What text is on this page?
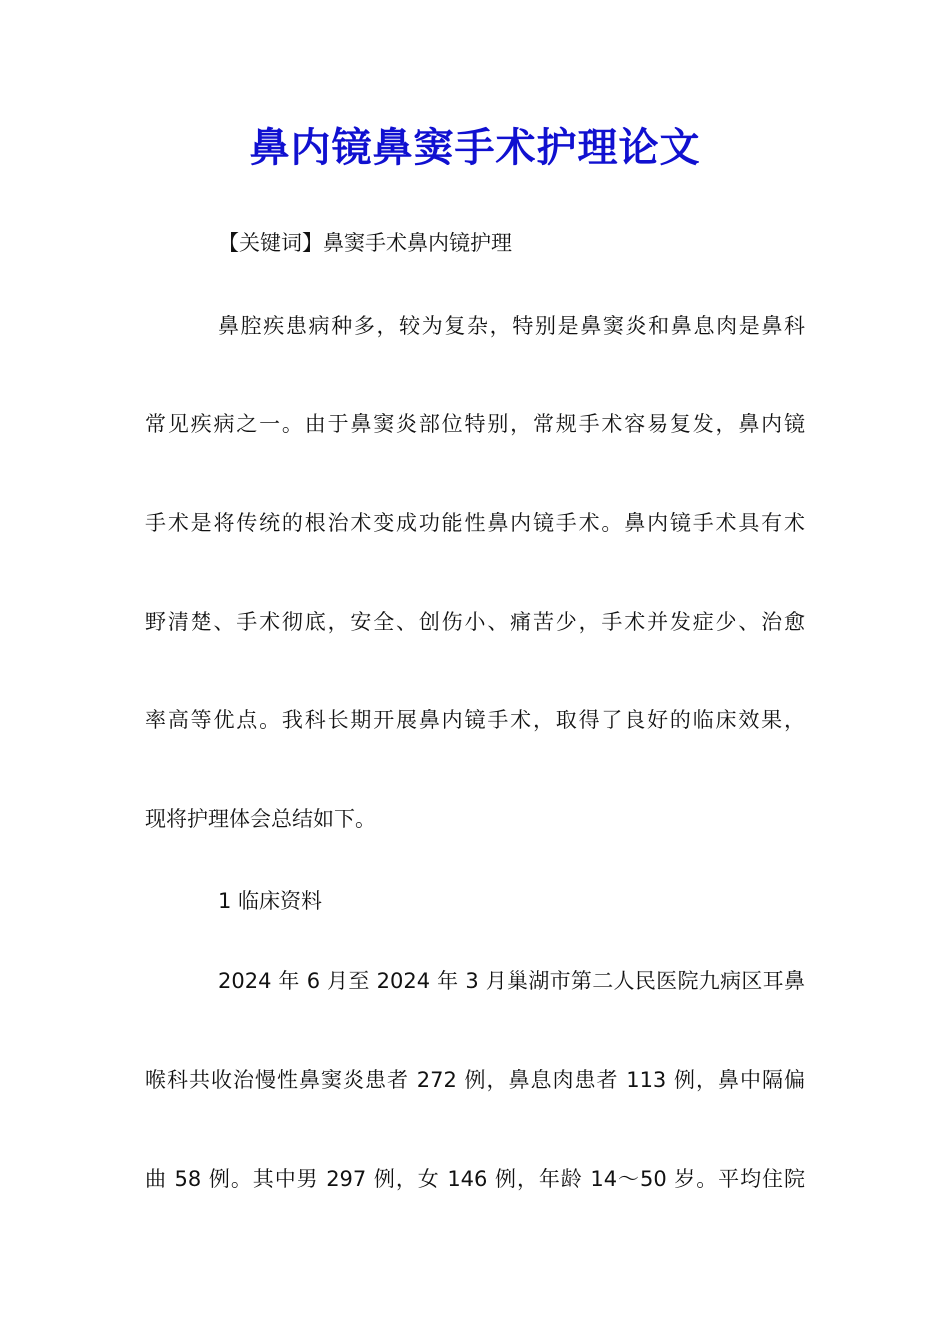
鼻内镜鼻窦手术护理论文
【关键词】鼻窦手术鼻内镜护理
鼻腔疾患病种多，较为复杂，特别是鼻窦炎和鼻息肉是鼻科
常见疾病之一。由于鼻窦炎部位特别，常规手术容易复发，鼻内镜
手术是将传统的根治术变成功能性鼻内镜手术。鼻内镜手术具有术
野清楚、手术彻底，安全、创伤小、痛苦少，手术并发症少、治愈
率高等优点。我科长期开展鼻内镜手术，取得了良好的临床效果，
现将护理体会总结如下。
1 临床资料
2024 年 6 月至 2024 年 3 月巢湖市第二人民医院九病区耳鼻
喉科共收治慢性鼻窦炎患者 272 例，鼻息肉患者 113 例，鼻中隔偏
曲 58 例。其中男 297 例，女 146 例，年龄 14～50 岁。平均住院
